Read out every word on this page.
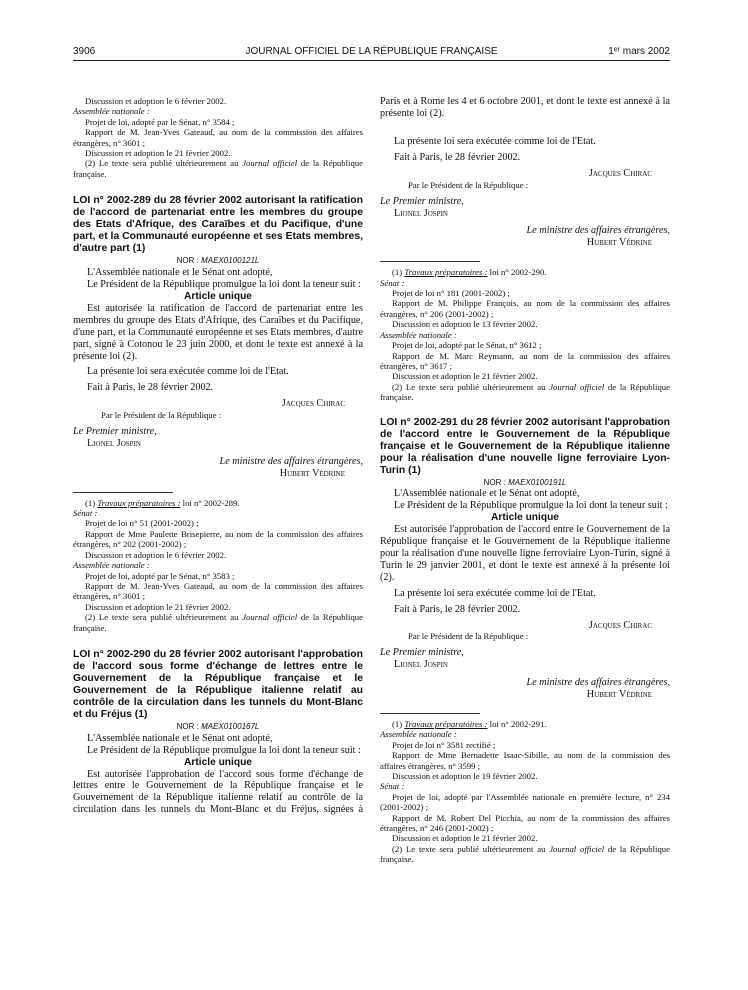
3906	JOURNAL OFFICIEL DE LA RÉPUBLIQUE FRANÇAISE	1ᵉʳ mars 2002

Discussion et adoption le 6 février 2002.

Assemblée nationale :

Projet de loi, adopté par le Sénat, n° 3584 ;

Rapport de M. Jean-Yves Gateaud, au nom de la commission des affaires étrangères, n° 3601 ;

Discussion et adoption le 21 février 2002.

(2) Le texte sera publié ultérieurement au Journal officiel de la République française.

LOI n° 2002-289 du 28 février 2002 autorisant la ratification de l'accord de partenariat entre les membres du groupe des Etats d'Afrique, des Caraïbes et du Pacifique, d'une part, et la Communauté européenne et ses Etats membres, d'autre part (1)

NOR : MAEX0100121L

L'Assemblée nationale et le Sénat ont adopté,

Le Président de la République promulgue la loi dont la teneur suit :

Article unique

Est autorisée la ratification de l'accord de partenariat entre les membres du groupe des Etats d'Afrique, des Caraïbes et du Pacifique, d'une part, et la Communauté européenne et ses Etats membres, d'autre part, signé à Cotonou le 23 juin 2000, et dont le texte est annexé à la présente loi (2).

La présente loi sera exécutée comme loi de l'Etat.

Fait à Paris, le 28 février 2002.

Jacques Chirac

Par le Président de la République :

Le Premier ministre,

Lionel Jospin

Le ministre des affaires étrangères,

Hubert Védrine

(1) Travaux préparatoires : loi n° 2002-289.

Sénat :

Projet de loi n° 51 (2001-2002) ;

Rapport de Mme Paulette Brisepierre, au nom de la commission des affaires étrangères, n° 202 (2001-2002) ;

Discussion et adoption le 6 février 2002.

Assemblée nationale :

Projet de loi, adopté par le Sénat, n° 3583 ;

Rapport de M. Jean-Yves Gateaud, au nom de la commission des affaires étrangères, n° 3601 ;

Discussion et adoption le 21 février 2002.

(2) Le texte sera publié ultérieurement au Journal officiel de la République française.

LOI n° 2002-290 du 28 février 2002 autorisant l'approbation de l'accord sous forme d'échange de lettres entre le Gouvernement de la République française et le Gouvernement de la République italienne relatif au contrôle de la circulation dans les tunnels du Mont-Blanc et du Fréjus (1)

NOR : MAEX0100167L

L'Assemblée nationale et le Sénat ont adopté,

Le Président de la République promulgue la loi dont la teneur suit :

Article unique

Est autorisée l'approbation de l'accord sous forme d'échange de lettres entre le Gouvernement de la République française et le Gouvernement de la République italienne relatif au contrôle de la circulation dans les tunnels du Mont-Blanc et du Fréjus, signées à

Paris et à Rome les 4 et 6 octobre 2001, et dont le texte est annexé à la présente loi (2).

La présente loi sera exécutée comme loi de l'Etat.

Fait à Paris, le 28 février 2002.

Jacques Chirac

Par le Président de la République :

Le Premier ministre,

Lionel Jospin

Le ministre des affaires étrangères,

Hubert Védrine

(1) Travaux préparatoires : loi n° 2002-290.

Sénat :

Projet de loi n° 181 (2001-2002) ;

Rapport de M. Philippe François, au nom de la commission des affaires étrangères, n° 206 (2001-2002) ;

Discussion et adoption le 13 février 2002.

Assemblée nationale :

Projet de loi, adopté par le Sénat, n° 3612 ;

Rapport de M. Marc Reymann, au nom de la commission des affaires étrangères, n° 3617 ;

Discussion et adoption le 21 février 2002.

(2) Le texte sera publié ultérieurement au Journal officiel de la République française.

LOI n° 2002-291 du 28 février 2002 autorisant l'approbation de l'accord entre le Gouvernement de la République française et le Gouvernement de la République italienne pour la réalisation d'une nouvelle ligne ferroviaire Lyon-Turin (1)

NOR : MAEX0100191L

L'Assemblée nationale et le Sénat ont adopté,

Le Président de la République promulgue la loi dont la teneur suit :

Article unique

Est autorisée l'approbation de l'accord entre le Gouvernement de la République française et le Gouvernement de la République italienne pour la réalisation d'une nouvelle ligne ferroviaire Lyon-Turin, signé à Turin le 29 janvier 2001, et dont le texte est annexé à la présente loi (2).

La présente loi sera exécutée comme loi de l'Etat.

Fait à Paris, le 28 février 2002.

Jacques Chirac

Par le Président de la République :

Le Premier ministre,

Lionel Jospin

Le ministre des affaires étrangères,

Hubert Védrine

(1) Travaux préparatoires : loi n° 2002-291.

Assemblée nationale :

Projet de loi n° 3581 rectifié ;

Rapport de Mme Bernadette Isaac-Sibille, au nom de la commission des affaires étrangères, n° 3599 ;

Discussion et adoption le 19 février 2002.

Sénat :

Projet de loi, adopté par l'Assemblée nationale en première lecture, n° 234 (2001-2002) ;

Rapport de M. Robert Del Picchia, au nom de la commission des affaires étrangères, n° 246 (2001-2002) ;

Discussion et adoption le 21 février 2002.

(2) Le texte sera publié ultérieurement au Journal officiel de la République française.
